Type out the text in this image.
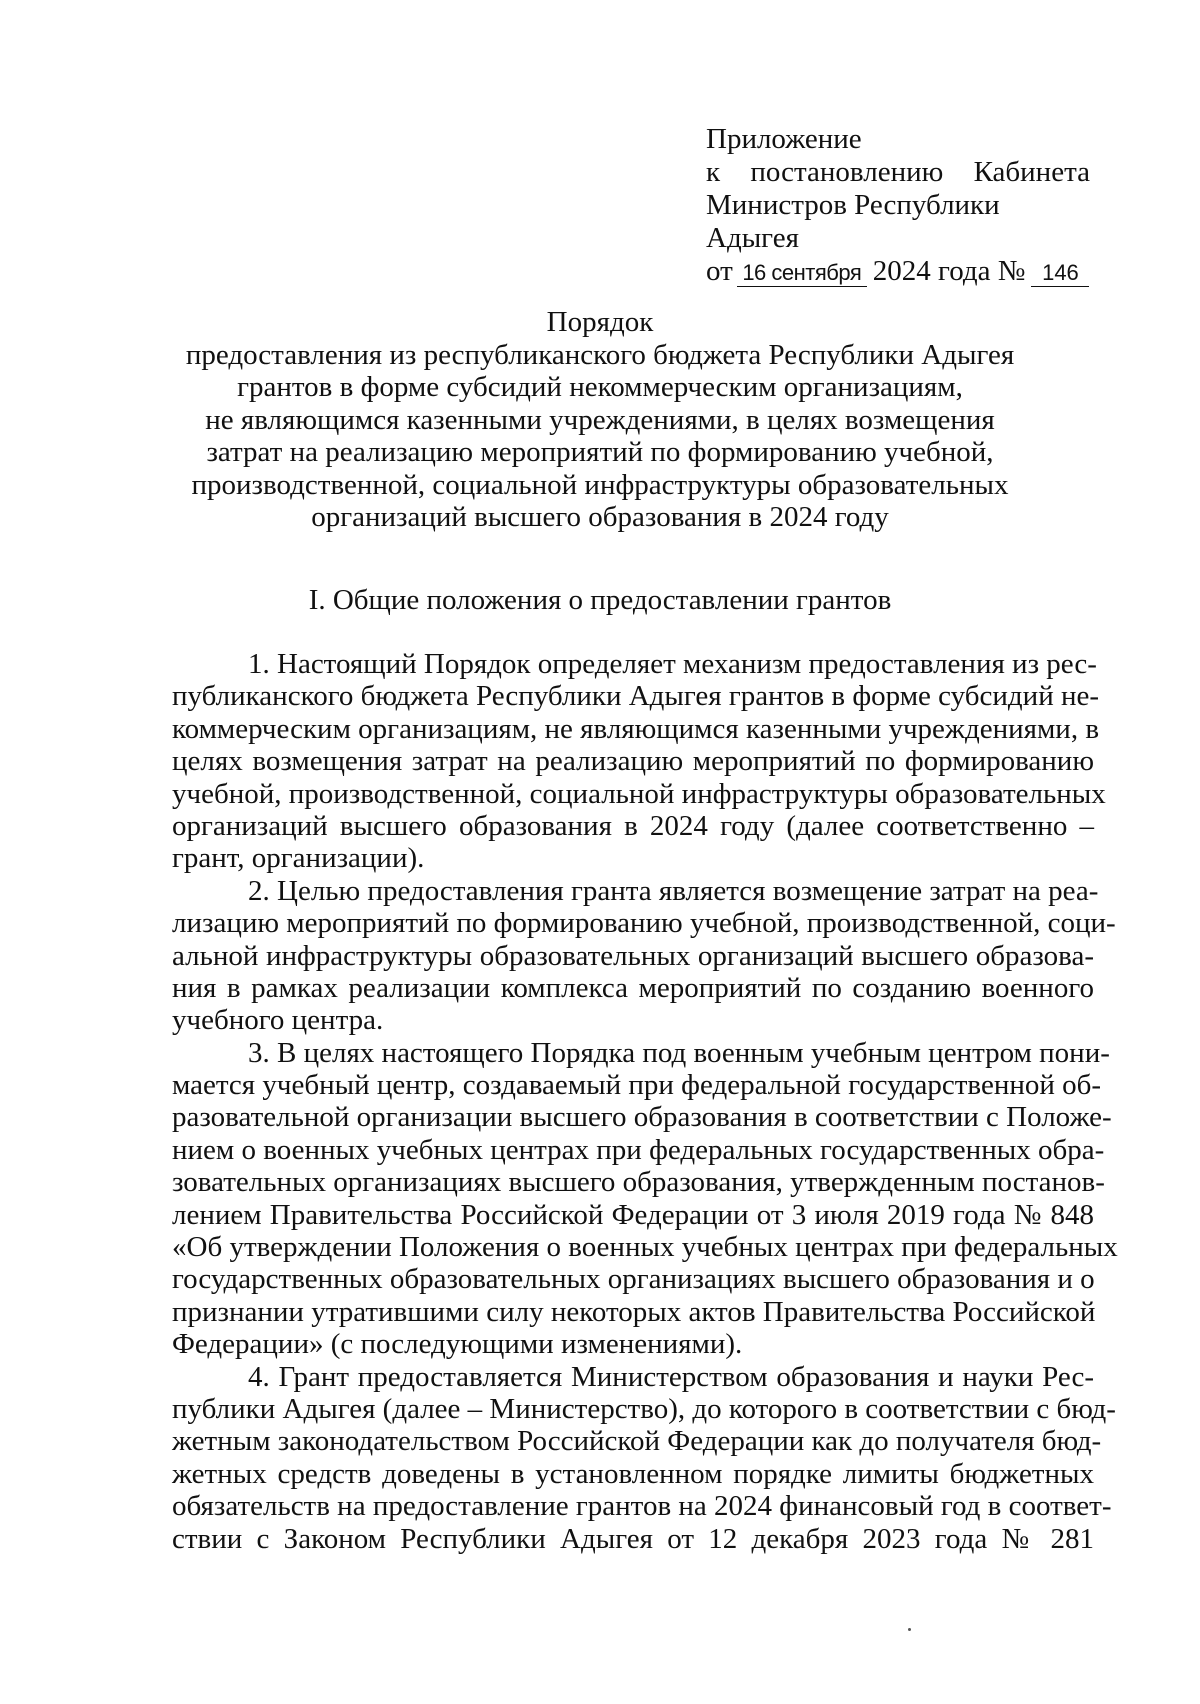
Приложение
к постановлению Кабинета
Министров Республики Адыгея
от 16 сентября 2024 года № 146
Порядок
предоставления из республиканского бюджета Республики Адыгея
грантов в форме субсидий некоммерческим организациям,
не являющимся казенными учреждениями, в целях возмещения
затрат на реализацию мероприятий по формированию учебной,
производственной, социальной инфраструктуры образовательных
организаций высшего образования в 2024 году
I. Общие положения о предоставлении грантов
1. Настоящий Порядок определяет механизм предоставления из рес-
публиканского бюджета Республики Адыгея грантов в форме субсидий не-
коммерческим организациям, не являющимся казенными учреждениями, в
целях возмещения затрат на реализацию мероприятий по формированию
учебной, производственной, социальной инфраструктуры образовательных
организаций высшего образования в 2024 году (далее соответственно –
грант, организации).
2. Целью предоставления гранта является возмещение затрат на реа-
лизацию мероприятий по формированию учебной, производственной, соци-
альной инфраструктуры образовательных организаций высшего образова-
ния в рамках реализации комплекса мероприятий по созданию военного
учебного центра.
3. В целях настоящего Порядка под военным учебным центром пони-
мается учебный центр, создаваемый при федеральной государственной об-
разовательной организации высшего образования в соответствии с Положе-
нием о военных учебных центрах при федеральных государственных обра-
зовательных организациях высшего образования, утвержденным постанов-
лением Правительства Российской Федерации от 3 июля 2019 года № 848
«Об утверждении Положения о военных учебных центрах при федеральных
государственных образовательных организациях высшего образования и о
признании утратившими силу некоторых актов Правительства Российской
Федерации» (с последующими изменениями).
4. Грант предоставляется Министерством образования и науки Рес-
публики Адыгея (далее – Министерство), до которого в соответствии с бюд-
жетным законодательством Российской Федерации как до получателя бюд-
жетных средств доведены в установленном порядке лимиты бюджетных
обязательств на предоставление грантов на 2024 финансовый год в соответ-
ствии с Законом Республики Адыгея от 12 декабря 2023 года № 281
